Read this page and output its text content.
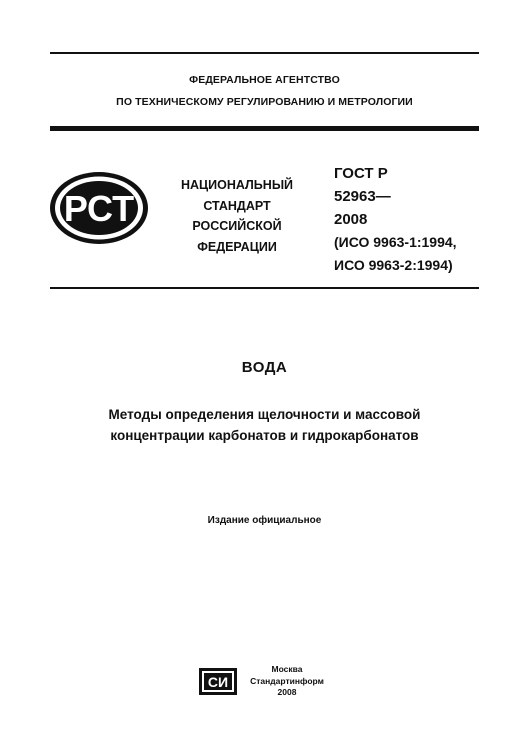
ФЕДЕРАЛЬНОЕ АГЕНТСТВО
ПО ТЕХНИЧЕСКОМУ РЕГУЛИРОВАНИЮ И МЕТРОЛОГИИ
РСТ
НАЦИОНАЛЬНЫЙ
СТАНДАРТ
РОССИЙСКОЙ
ФЕДЕРАЦИИ
ГОСТ Р
52963—
2008
(ИСО 9963-1:1994,
ИСО 9963-2:1994)
ВОДА
Методы определения щелочности и массовой
концентрации карбонатов и гидрокарбонатов
Издание официальное
СИ
Москва
Стандартинформ
2008
